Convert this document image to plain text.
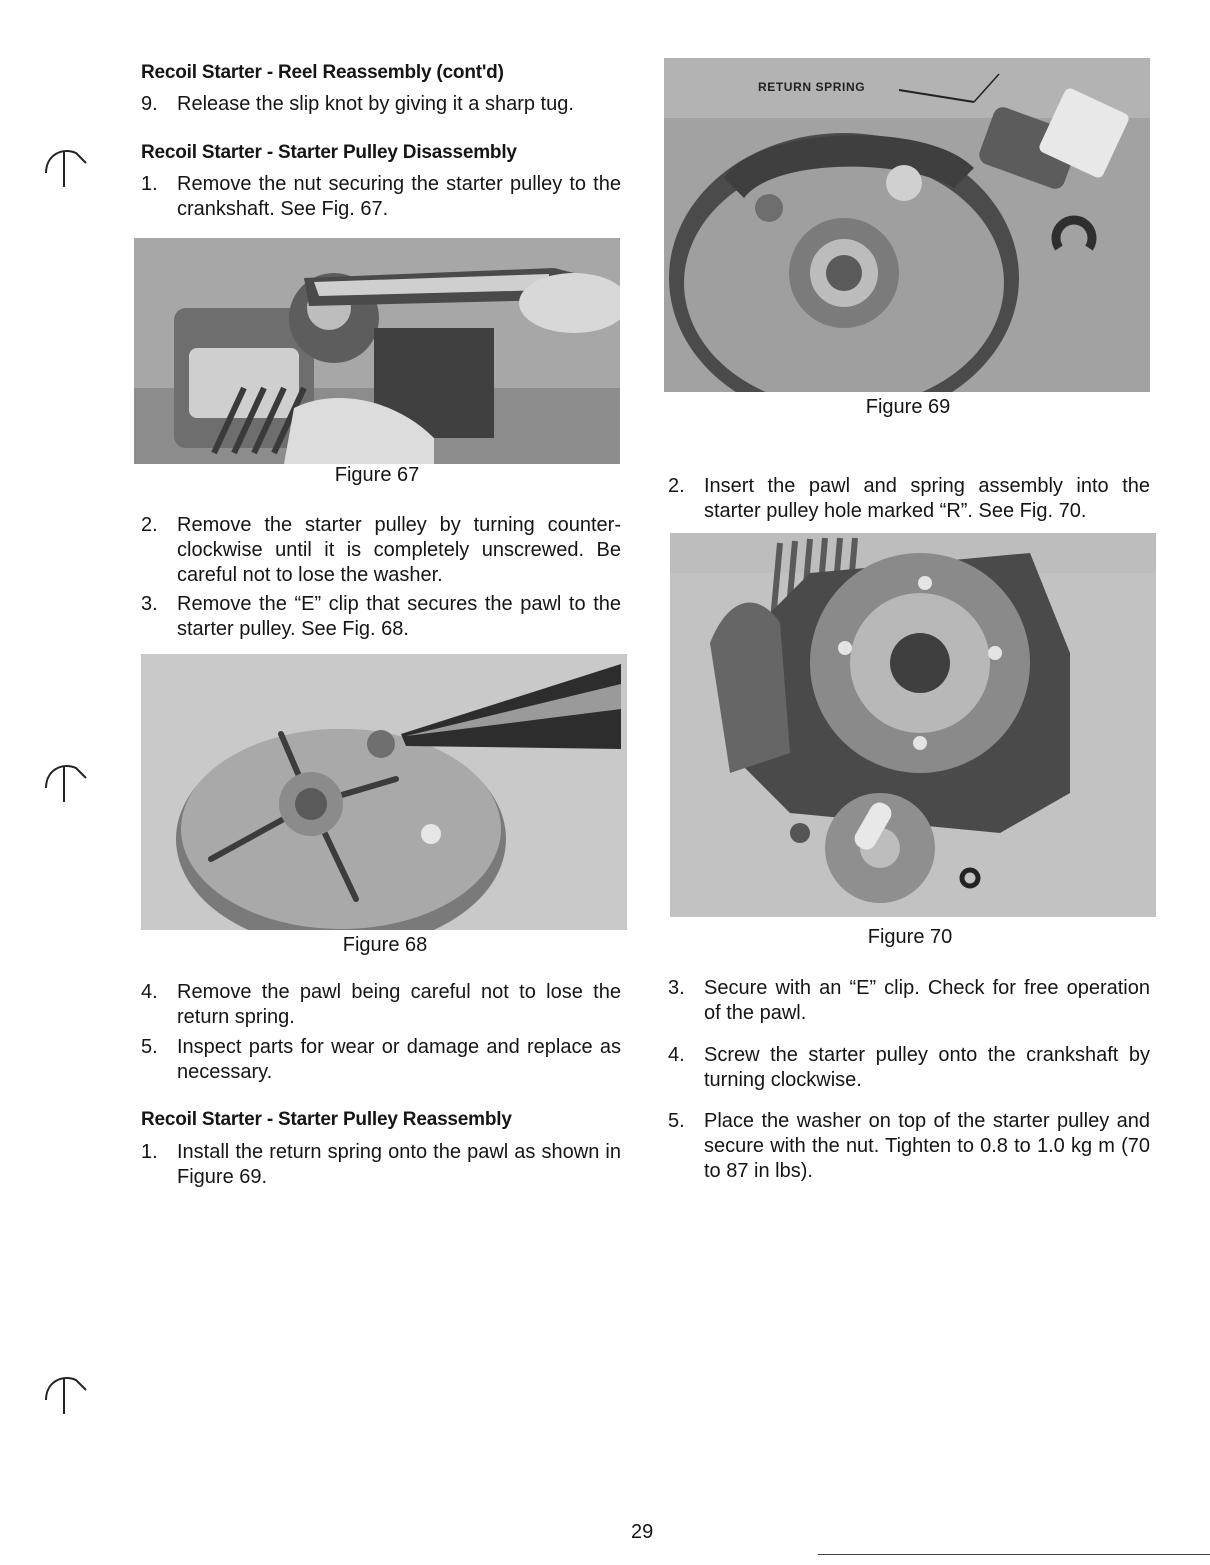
Recoil Starter - Reel Reassembly (cont'd)
9. Release the slip knot by giving it a sharp tug.
Recoil Starter - Starter Pulley Disassembly
1. Remove the nut securing the starter pulley to the crankshaft. See Fig. 67.
Figure 67
2. Remove the starter pulley by turning counter-clockwise until it is completely unscrewed. Be careful not to lose the washer.
3. Remove the “E” clip that secures the pawl to the starter pulley. See Fig. 68.
Figure 68
4. Remove the pawl being careful not to lose the return spring.
5. Inspect parts for wear or damage and replace as necessary.
Recoil Starter - Starter Pulley Reassembly
1. Install the return spring onto the pawl as shown in Figure 69.
RETURN SPRING
Figure 69
2. Insert the pawl and spring assembly into the starter pulley hole marked “R”. See Fig. 70.
Figure 70
3. Secure with an “E” clip. Check for free operation of the pawl.
4. Screw the starter pulley onto the crankshaft by turning clockwise.
5. Place the washer on top of the starter pulley and secure with the nut. Tighten to 0.8 to 1.0 kg m (70 to 87 in lbs).
29
